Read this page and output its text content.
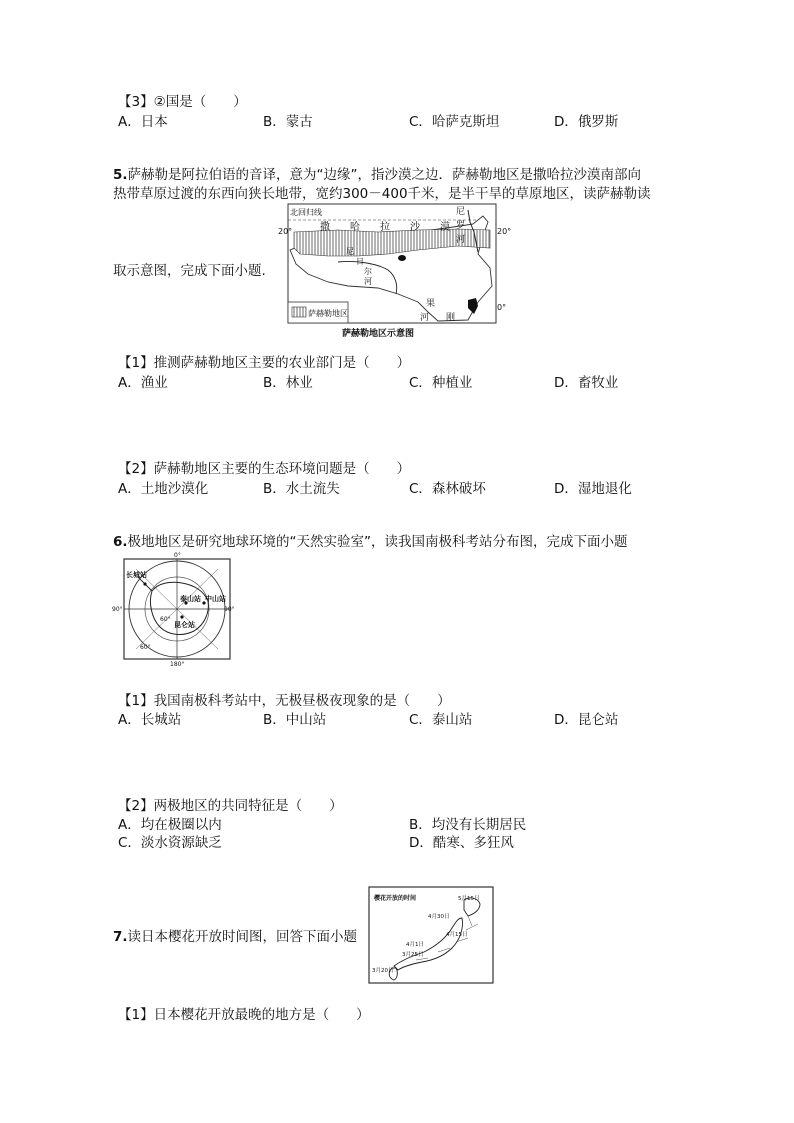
【3】②国是（　　）
A．日本	B．蒙古	C．哈萨克斯坦	D．俄罗斯
5.萨赫勒是阿拉伯语的音译，意为“边缘”，指沙漠之边．萨赫勒地区是撒哈拉沙漠南部向
热带草原过渡的东西向狭长地带，宽约300－400千米，是半干旱的草原地区，读萨赫勒读
取示意图，完成下面小题.
萨赫勒地区
北回归线
20°	20°
0°
撒 哈 拉 沙 漠
尼
罗
河
尼
日
尔
河
果
河 刚
萨赫勒地区示意图
【1】推测萨赫勒地区主要的农业部门是（　　）
A．渔业	B．林业	C．种植业	D．畜牧业
【2】萨赫勒地区主要的生态环境问题是（　　）
A．土地沙漠化	B．水土流失	C．森林破坏	D．湿地退化
6.极地地区是研究地球环境的“天然实验室”，读我国南极科考站分布图，完成下面小题
0°
90°	90°
180°
60°
60°
长城站
泰山站 中山站
昆仑站
【1】我国南极科考站中，无极昼极夜现象的是（　　）
A．长城站	B．中山站	C．泰山站	D．昆仑站
【2】两极地区的共同特征是（　　）
A．均在极圈以内	B．均没有长期居民
C．淡水资源缺乏	D．酷寒、多狂风
7.读日本樱花开放时间图，回答下面小题
樱花开放的时间	5月15日
4月30日
4月15日
4月1日
3月20日
3月25日
【1】日本樱花开放最晚的地方是（　　）
